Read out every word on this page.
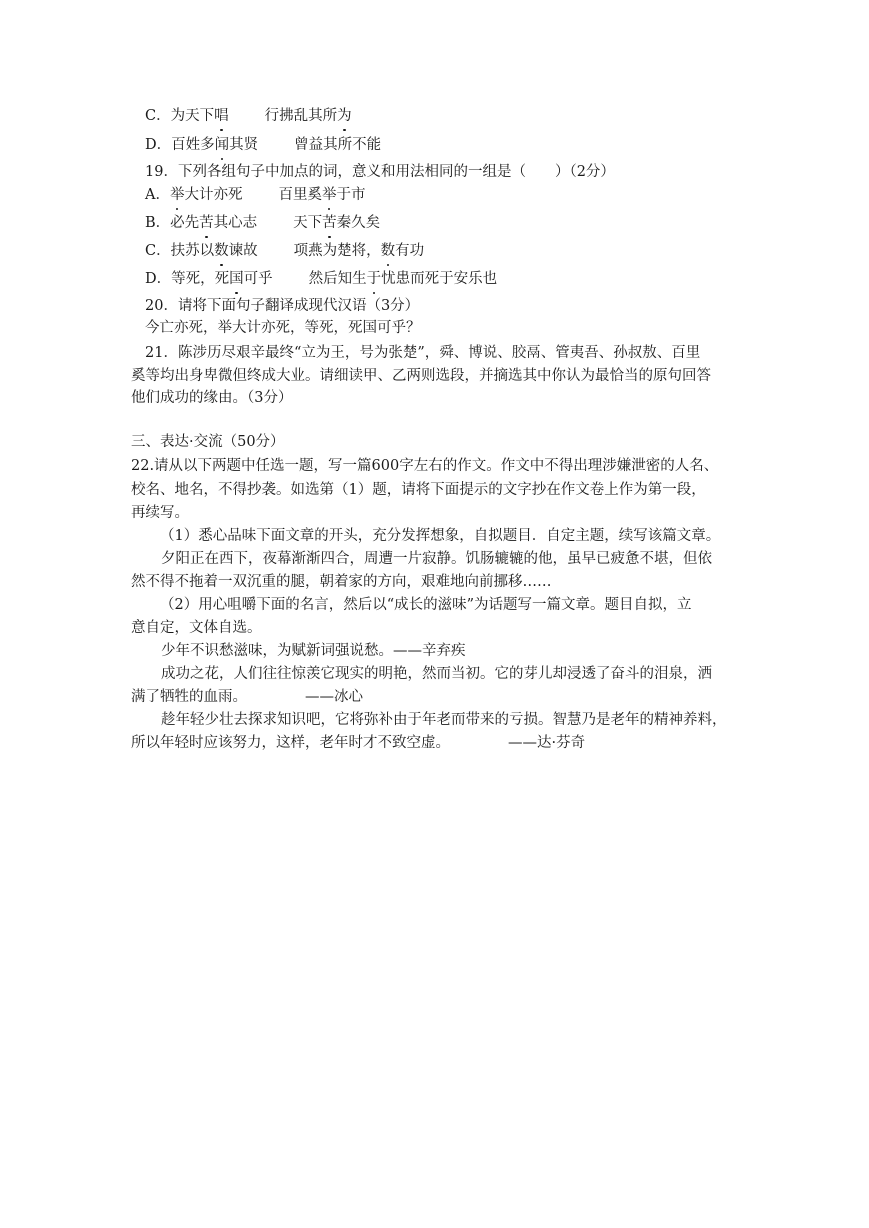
C．为天下唱 行拂乱其所为
D．百姓多闻其贤 曾益其所不能
19．下列各组句子中加点的词，意义和用法相同的一组是（　　）（2分）
A．举大计亦死 百里奚举于市
B．必先苦其心志 天下苦秦久矣
C．扶苏以数谏故 项燕为楚将，数有功
D．等死，死国可乎 然后知生于忧患而死于安乐也
20．请将下面句子翻译成现代汉语（3分）
今亡亦死，举大计亦死，等死，死国可乎？
21．陈涉历尽艰辛最终“立为王，号为张楚”，舜、博说、胶鬲、管夷吾、孙叔敖、百里
奚等均出身卑微但终成大业。请细读甲、乙两则选段，并摘选其中你认为最恰当的原句回答
他们成功的缘由。（3分）
三、表达·交流（50分）
22.请从以下两题中任选一题，写一篇600字左右的作文。作文中不得出理涉嫌泄密的人名、
校名、地名，不得抄袭。如选第（1）题，请将下面提示的文字抄在作文卷上作为第一段，
再续写。
（1）悉心品味下面文章的开头，充分发挥想象，自拟题目．自定主题，续写该篇文章。
夕阳正在西下，夜幕渐渐四合，周遭一片寂静。饥肠辘辘的他，虽早已疲惫不堪，但依
然不得不拖着一双沉重的腿，朝着家的方向，艰难地向前挪移……
（2）用心咀嚼下面的名言，然后以“成长的滋味”为话题写一篇文章。题目自拟，立
意自定，文体自选。
少年不识愁滋味，为赋新词强说愁。——辛弃疾
成功之花，人们往往惊羡它现实的明艳，然而当初。它的芽儿却浸透了奋斗的泪泉，洒
满了牺牲的血雨。	——冰心
趁年轻少壮去探求知识吧，它将弥补由于年老而带来的亏损。智慧乃是老年的精神养料，
所以年轻时应该努力，这样，老年时才不致空虚。	——达·芬奇
